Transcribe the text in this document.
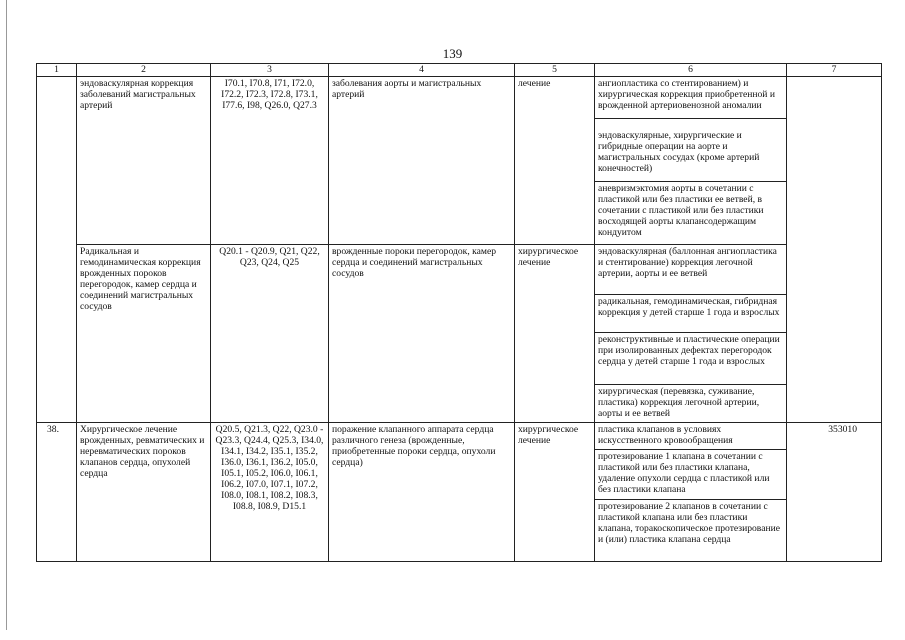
139
1	2	3	4	5	6	7
	эндоваскулярная коррекция заболеваний магистральных артерий	I70.1, I70.8, I71, I72.0, I72.2, I72.3, I72.8, I73.1, I77.6, I98, Q26.0, Q27.3	заболевания аорты и магистральных артерий	лечение	ангиопластика со стентированием) и хирургическая коррекция приобретенной и врожденной артериовенозной аномалии	

					эндоваскулярные, хирургические и гибридные операции на аорте и магистральных сосудах (кроме артерий конечностей)	

					аневризмэктомия аорты в сочетании с пластикой или без пластики ее ветвей, в сочетании с пластикой или без пластики восходящей аорты клапансодержащим кондуитом	
	Радикальная и гемодинамическая коррекция врожденных пороков перегородок, камер сердца и соединений магистральных сосудов	Q20.1 - Q20.9, Q21, Q22, Q23, Q24, Q25	врожденные пороки перегородок, камер сердца и соединений магистральных сосудов	хирургическое лечение	эндоваскулярная (баллонная ангиопластика и стентирование) коррекция легочной артерии, аорты и ее ветвей	
					радикальная, гемодинамическая, гибридная коррекция у детей старше 1 года и взрослых	
					реконструктивные и пластические операции при изолированных дефектах перегородок сердца у детей старше 1 года и взрослых	
					хирургическая (перевязка, суживание, пластика) коррекция легочной артерии, аорты и ее ветвей	
38.	Хирургическое лечение врожденных, ревматических и неревматических пороков клапанов сердца, опухолей сердца	Q20.5, Q21.3, Q22, Q23.0 - Q23.3, Q24.4, Q25.3, I34.0, I34.1, I34.2, I35.1, I35.2, I36.0, I36.1, I36.2, I05.0, I05.1, I05.2, I06.0, I06.1, I06.2, I07.0, I07.1, I07.2, I08.0, I08.1, I08.2, I08.3, I08.8, I08.9, D15.1	поражение клапанного аппарата сердца различного генеза (врожденные, приобретенные пороки сердца, опухоли сердца)	хирургическое лечение	пластика клапанов в условиях искусственного кровообращения	353010
					протезирование 1 клапана в сочетании с пластикой или без пластики клапана, удаление опухоли сердца с пластикой или без пластики клапана	
					протезирование 2 клапанов в сочетании с пластикой клапана или без пластики клапана, торакоскопическое протезирование и (или) пластика клапана сердца	
